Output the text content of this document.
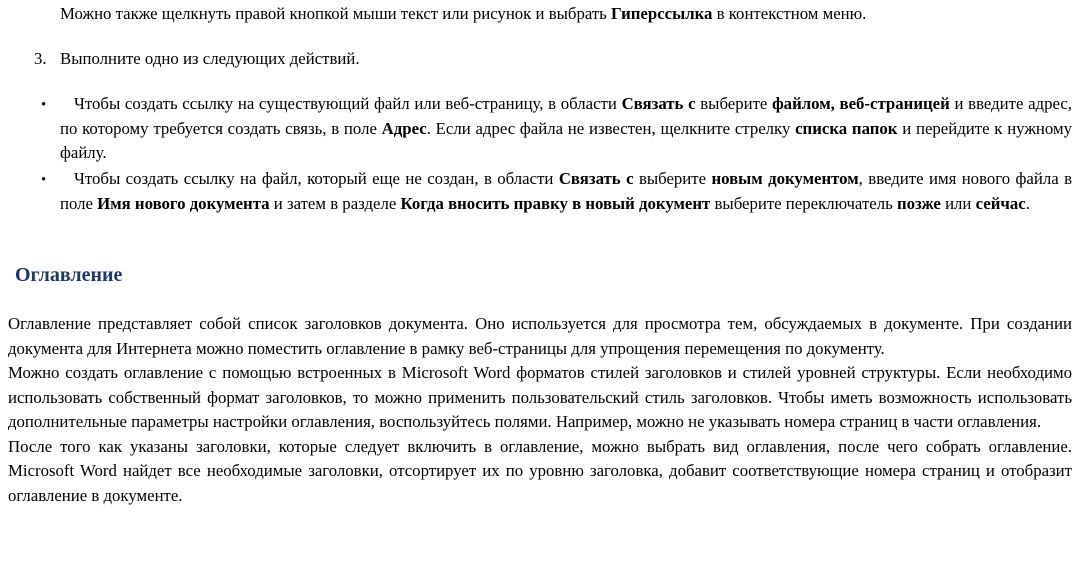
Можно также щелкнуть правой кнопкой мыши текст или рисунок и выбрать Гиперссылка в контекстном меню.
3. Выполните одно из следующих действий.
•	Чтобы создать ссылку на существующий файл или веб-страницу, в области Связать с выберите файлом, веб-страницей и введите адрес, по которому требуется создать связь, в поле Адрес. Если адрес файла не известен, щелкните стрелку списка папок и перейдите к нужному файлу.

•	Чтобы создать ссылку на файл, который еще не создан, в области Связать с выберите новым документом, введите имя нового файла в поле Имя нового документа и затем в разделе Когда вносить правку в новый документ выберите переключатель позже или сейчас.

Оглавление

Оглавление представляет собой список заголовков документа. Оно используется для просмотра тем, обсуждаемых в документе. При создании документа для Интернета можно поместить оглавление в рамку веб-страницы для упрощения перемещения по документу.

Можно создать оглавление с помощью встроенных в Microsoft Word форматов стилей заголовков и стилей уровней структуры. Если необходимо использовать собственный формат заголовков, то можно применить пользовательский стиль заголовков. Чтобы иметь возможность использовать дополнительные параметры настройки оглавления, воспользуйтесь полями. Например, можно не указывать номера страниц в части оглавления.

После того как указаны заголовки, которые следует включить в оглавление, можно выбрать вид оглавления, после чего собрать оглавление. Microsoft Word найдет все необходимые заголовки, отсортирует их по уровню заголовка, добавит соответствующие номера страниц и отобразит оглавление в документе.
